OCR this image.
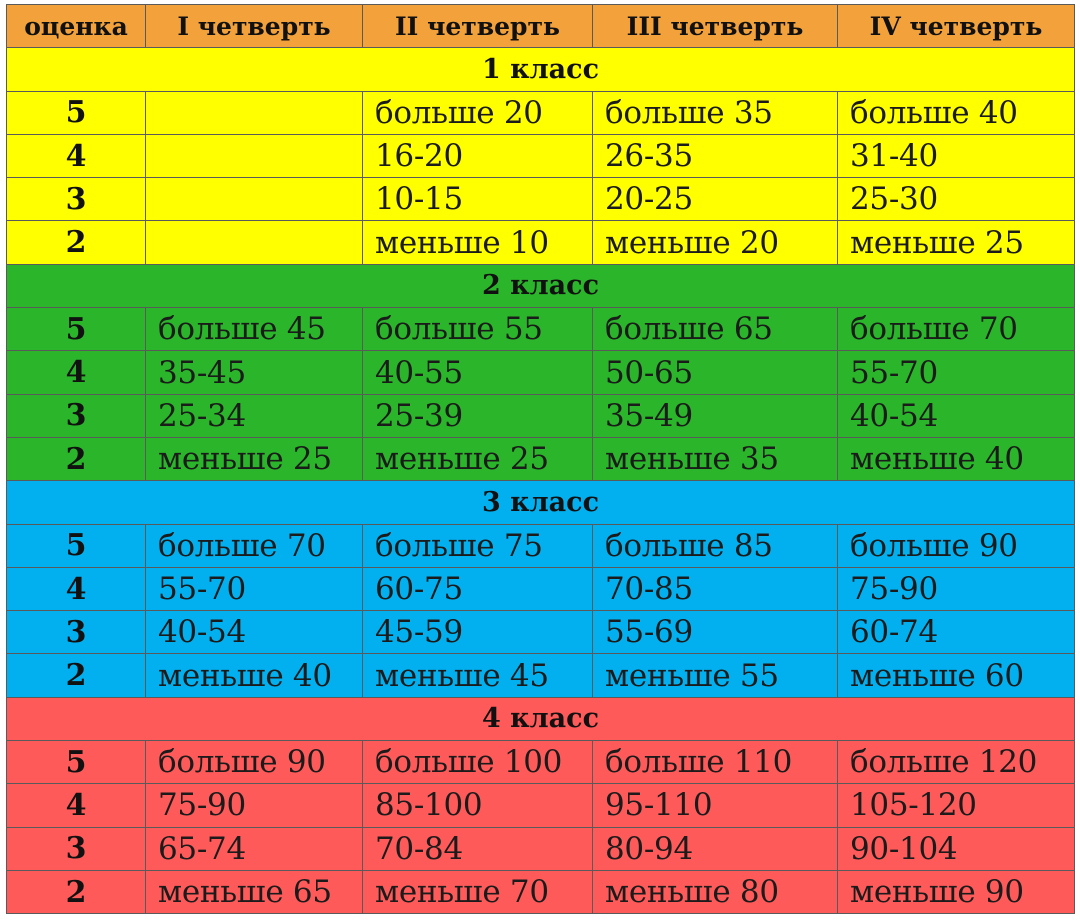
оценка	I четверть	II четверть	III четверть	IV четверть
1 класс				
5		больше 20	больше 35	больше 40
4		16-20	26-35	31-40
3		10-15	20-25	25-30
2		меньше 10	меньше 20	меньше 25
2 класс				
5	больше 45	больше 55	больше 65	больше 70
4	35-45	40-55	50-65	55-70
3	25-34	25-39	35-49	40-54
2	меньше 25	меньше 25	меньше 35	меньше 40
3 класс				
5	больше 70	больше 75	больше 85	больше 90
4	55-70	60-75	70-85	75-90
3	40-54	45-59	55-69	60-74
2	меньше 40	меньше 45	меньше 55	меньше 60
4 класс				
5	больше 90	больше 100	больше 110	больше 120
4	75-90	85-100	95-110	105-120
3	65-74	70-84	80-94	90-104
2	меньше 65	меньше 70	меньше 80	меньше 90
